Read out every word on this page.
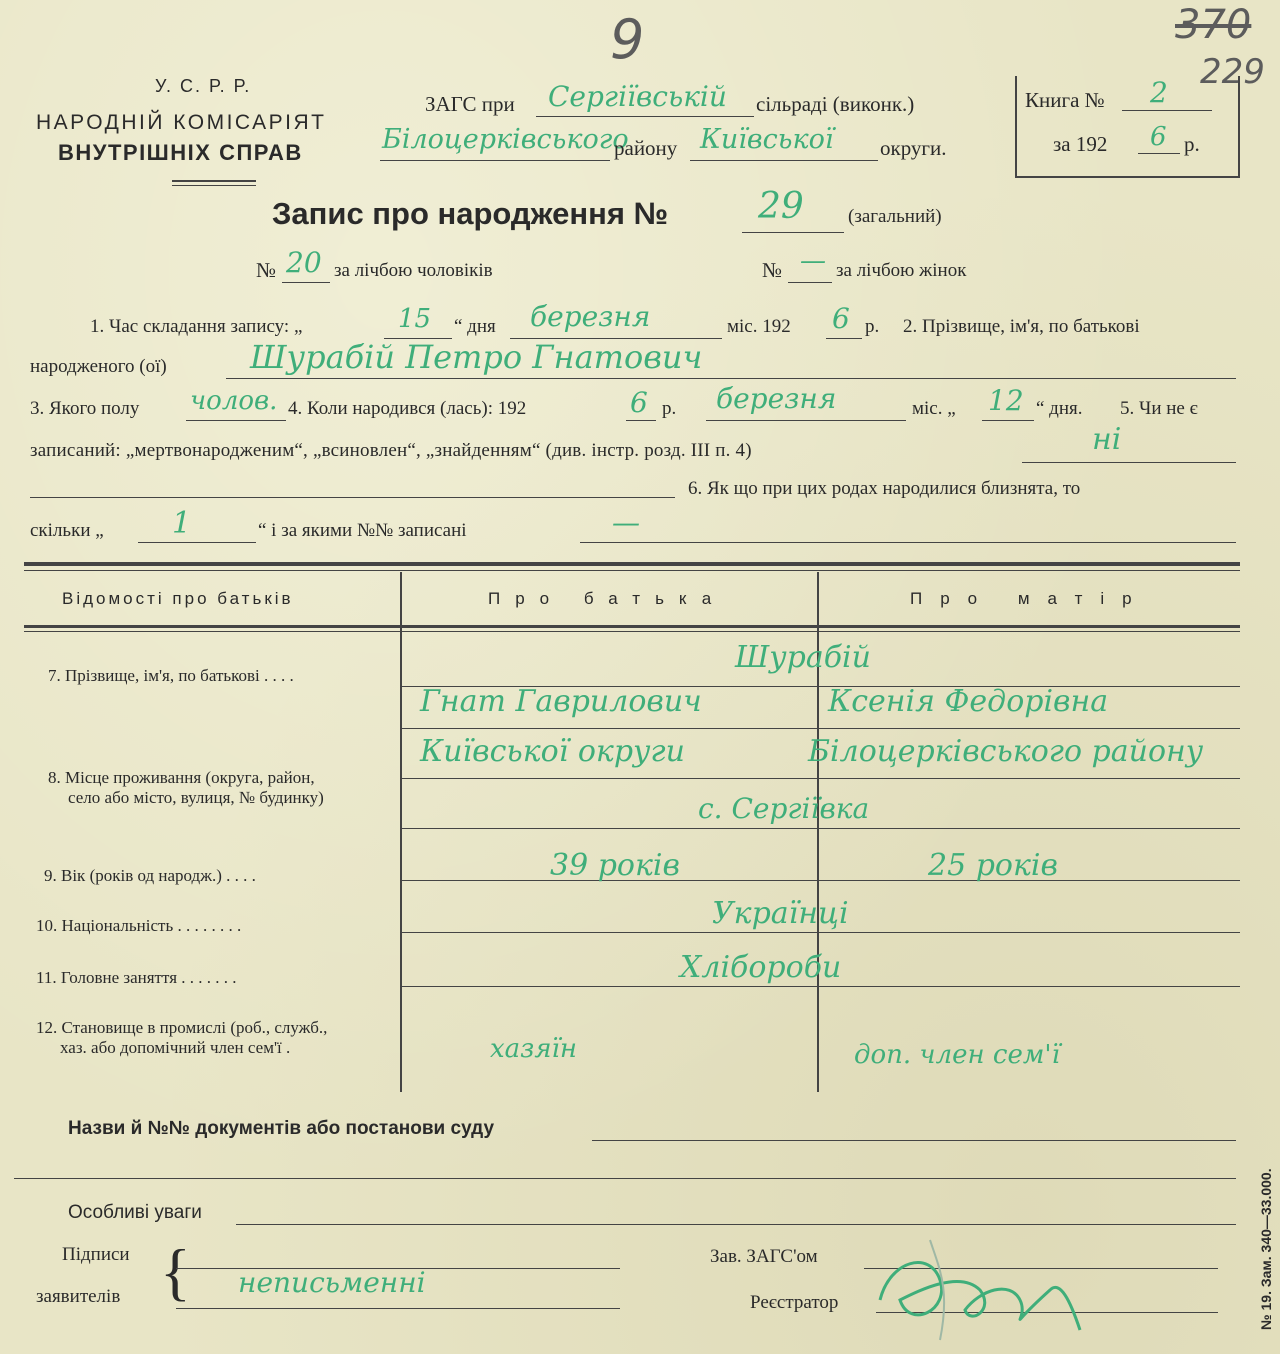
9	370
229
У. С. Р. Р.
НАРОДНІЙ КОМІСАРІЯТ
ВНУТРІШНІХ СПРАВ
ЗАГС при Сергіївській сільраді (виконк.)
Білоцерківського
району Київської округи.
Книга № 2
за 192 6 р.
Запис про народження № 29 (загальний)
№ 20 за лічбою чоловіків	№ — за лічбою жінок
1. Час складання запису: „	15 “ дня березня	міс. 192 6 р. 2. Прізвище, ім'я, по батькові
народженого (ої)	Шурабій Петро Гнатович
3. Якого полу чолов. 4. Коли народився (лась): 192	6 р. березня	міс. „ 12 “ дня. 5. Чи не є
записаний: „мертвонародженим“, „всиновлен“, „знайденням“ (див. інстр. розд. III п. 4)	ні
6. Як що при цих родах народилися близнята, то
скільки „ 1	“ і за якими №№ записані	—
Відомості про батьків	Про батька	Про матір
7. Прізвище, ім'я, по батькові . . . .
Шурабій
Гнат Гаврилович	Ксенія Федорівна
8. Місце проживання (округа, район,
село або місто, вулиця, № будинку)
Київської округи	Білоцерківського району
с. Сергіївка
9. Вік (років од народж.) . . . .	39 років	25 років
10. Національність . . . . . . . .	Українці
11. Головне заняття . . . . . . .	Хлібороби
12. Становище в промислі (роб., служб.,
хаз. або допомічний член сем'ї .	хазяїн	доп. член сем'ї
Назви й №№ документів або постанови суду
Особливі уваги
Підписи
заявителів { неписьменні
Зав. ЗАГС'ом
Реєстратор	№ 19. Зам. 340—33.000.
